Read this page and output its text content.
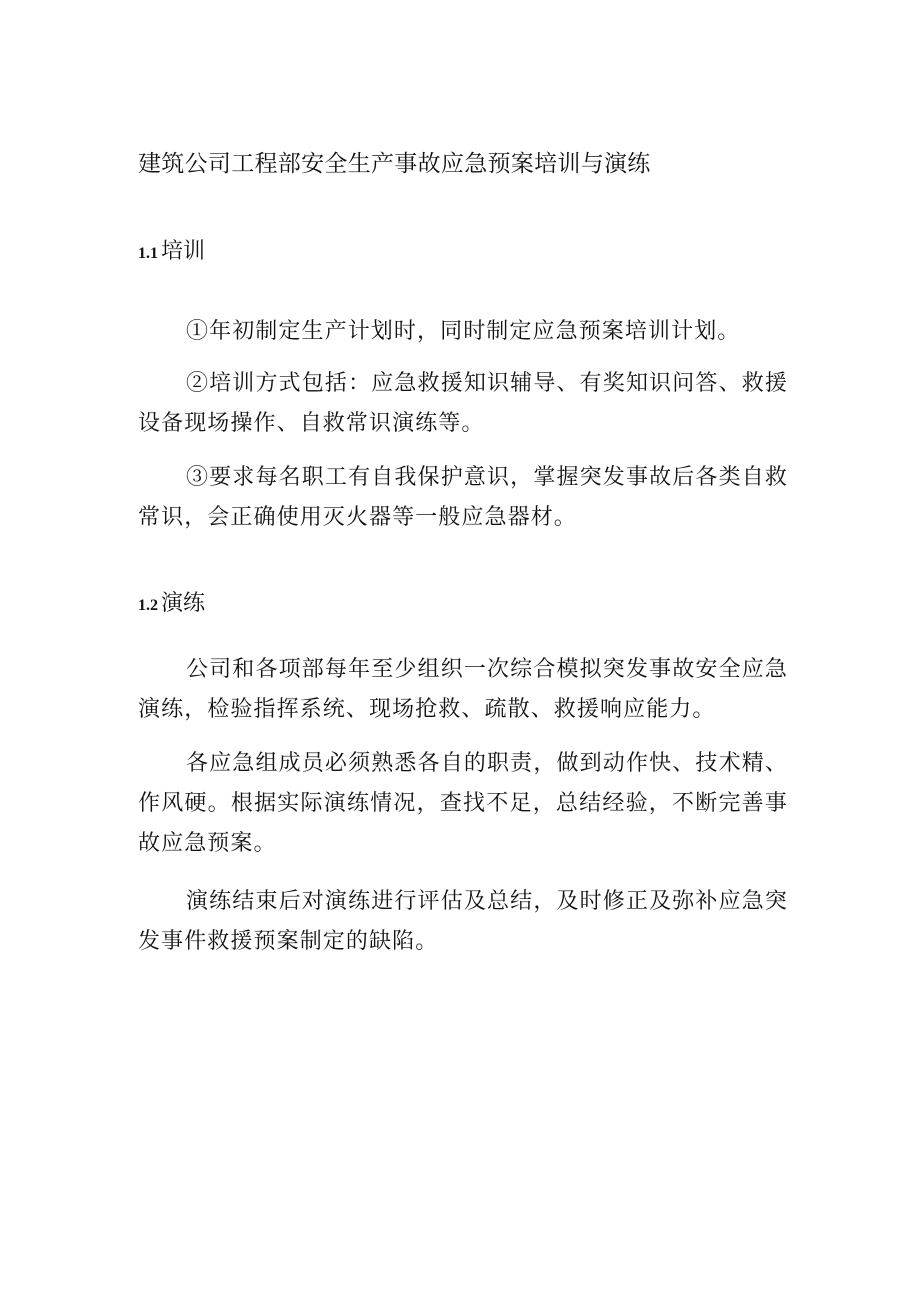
建筑公司工程部安全生产事故应急预案培训与演练
1.1 培训
①年初制定生产计划时，同时制定应急预案培训计划。
②培训方式包括：应急救援知识辅导、有奖知识问答、救援设备现场操作、自救常识演练等。
③要求每名职工有自我保护意识，掌握突发事故后各类自救常识，会正确使用灭火器等一般应急器材。
1.2 演练
公司和各项部每年至少组织一次综合模拟突发事故安全应急演练，检验指挥系统、现场抢救、疏散、救援响应能力。
各应急组成员必须熟悉各自的职责，做到动作快、技术精、作风硬。根据实际演练情况，查找不足，总结经验，不断完善事故应急预案。
演练结束后对演练进行评估及总结，及时修正及弥补应急突发事件救援预案制定的缺陷。
